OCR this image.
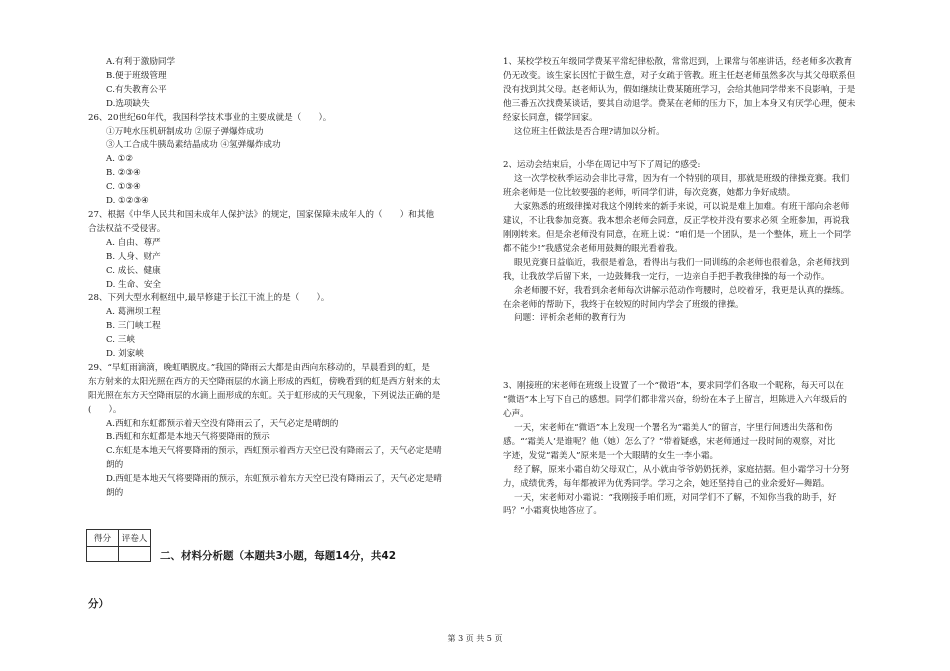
A.有利于激励同学
B.便于班级管理
C.有失教育公平
D.选项缺失
26、20世纪60年代，我国科学技术事业的主要成就是（　　）。
①万吨水压机研制成功 ②原子弹爆炸成功
③人工合成牛胰岛素结晶成功 ④氢弹爆炸成功
A. ①②
B. ②③④
C. ①③④
D. ①②③④
27、根据《中华人民共和国未成年人保护法》的规定，国家保障未成年人的（　　）和其他
合法权益不受侵害。
A. 自由、尊严
B. 人身、财产
C. 成长、健康
D. 生命、安全
28、下列大型水利枢纽中,最早修建于长江干流上的是（　　）。
A. 葛洲坝工程
B. 三门峡工程
C. 三峡
D. 刘家峡
29、“早虹雨滴滴，晚虹晒脱皮。”我国的降雨云大都是由西向东移动的，早晨看到的虹，是
东方射来的太阳光照在西方的天空降雨层的水滴上形成的西虹，傍晚看到的虹是西方射来的太
阳光照在东方天空降雨层的水滴上面形成的东虹。关于虹形成的天气现象，下列说法正确的是
(　　）。
A.西虹和东虹都预示着天空没有降雨云了，天气必定是晴朗的
B.西虹和东虹都是本地天气将要降雨的预示
C.东虹是本地天气将要降雨的预示，西虹预示着西方天空已没有降雨云了，天气必定是晴
朗的
D.西虹是本地天气将要降雨的预示，东虹预示着东方天空已没有降雨云了，天气必定是晴
朗的
1、某校学校五年级同学费某平常纪律松散，常常迟到，上课常与邻座讲话，经老师多次教育
仍无改变。该生家长因忙于做生意，对子女疏于管教。班主任赵老师虽然多次与其父母联系但
没有找到其父母。赵老师认为，假如继续让费某随班学习，会给其他同学带来不良影响，于是
他三番五次找费某谈话，要其自动退学。费某在老师的压力下，加上本身又有厌学心理，便未
经家长同意，辍学回家。
这位班主任做法是否合理?请加以分析。
2、运动会结束后，小华在周记中写下了周记的感受:
这一次学校秋季运动会非比寻常，因为有一个特别的项目，那就是班级的律操竞赛。我们
班余老师是一位比较要强的老师，听同学们讲，每次竞赛，她都力争好成绩。
大家熟悉的班级律操对我这个刚转来的新手来说，可以说是难上加难。有班干部向余老师
建议，不让我参加竞赛。我本想余老师会同意，反正学校并没有要求必须 全班参加，再说我
刚刚转来。但是余老师没有同意，在班上说：“咱们是一个团队，是一个整体，班上一个同学
都不能少!”我感觉余老师用鼓舞的眼光看着我。
眼见竞赛日益临近，我很是着急，看得出与我们一同训练的余老师也很着急，余老师找到
我，让我放学后留下来，一边鼓舞我一定行，一边亲自手把手教我律操的每一个动作。
余老师腰不好，我看到余老师每次讲解示范动作弯腰时，总咬着牙，我更是认真的操练。
在余老师的帮助下，我终于在较短的时间内学会了班级的律操。
问题：评析余老师的教育行为
3、刚接班的宋老师在班级上设置了一个“微语”本，要求同学们各取一个昵称，每天可以在
“微语”本上写下自己的感想。同学们都非常兴奋，纷纷在本子上留言，坦陈进入六年级后的
心声。
一天，宋老师在“微语”本上发现一个署名为“霜美人”的留言，字里行间透出失落和伤
感。“‘霜美人’是谁呢？他（她）怎么了？”带着疑惑，宋老师通过一段时间的观察，对比
字迹，发觉“霜美人”原来是一个大眼睛的女生一李小霜。
经了解，原来小霜自幼父母双亡，从小就由爷爷奶奶抚养，家庭拮据。但小霜学习十分努
力，成绩优秀，每年都被评为优秀同学。学习之余，她还坚持自己的业余爱好—舞蹈。
一天，宋老师对小霜说：“我刚接手咱们班，对同学们不了解，不知你当我的助手，好
吗？”小霜爽快地答应了。
得分	评卷人

二、材料分析题（本题共3小题，每题14分，共42
分）
第 3 页 共 5 页
